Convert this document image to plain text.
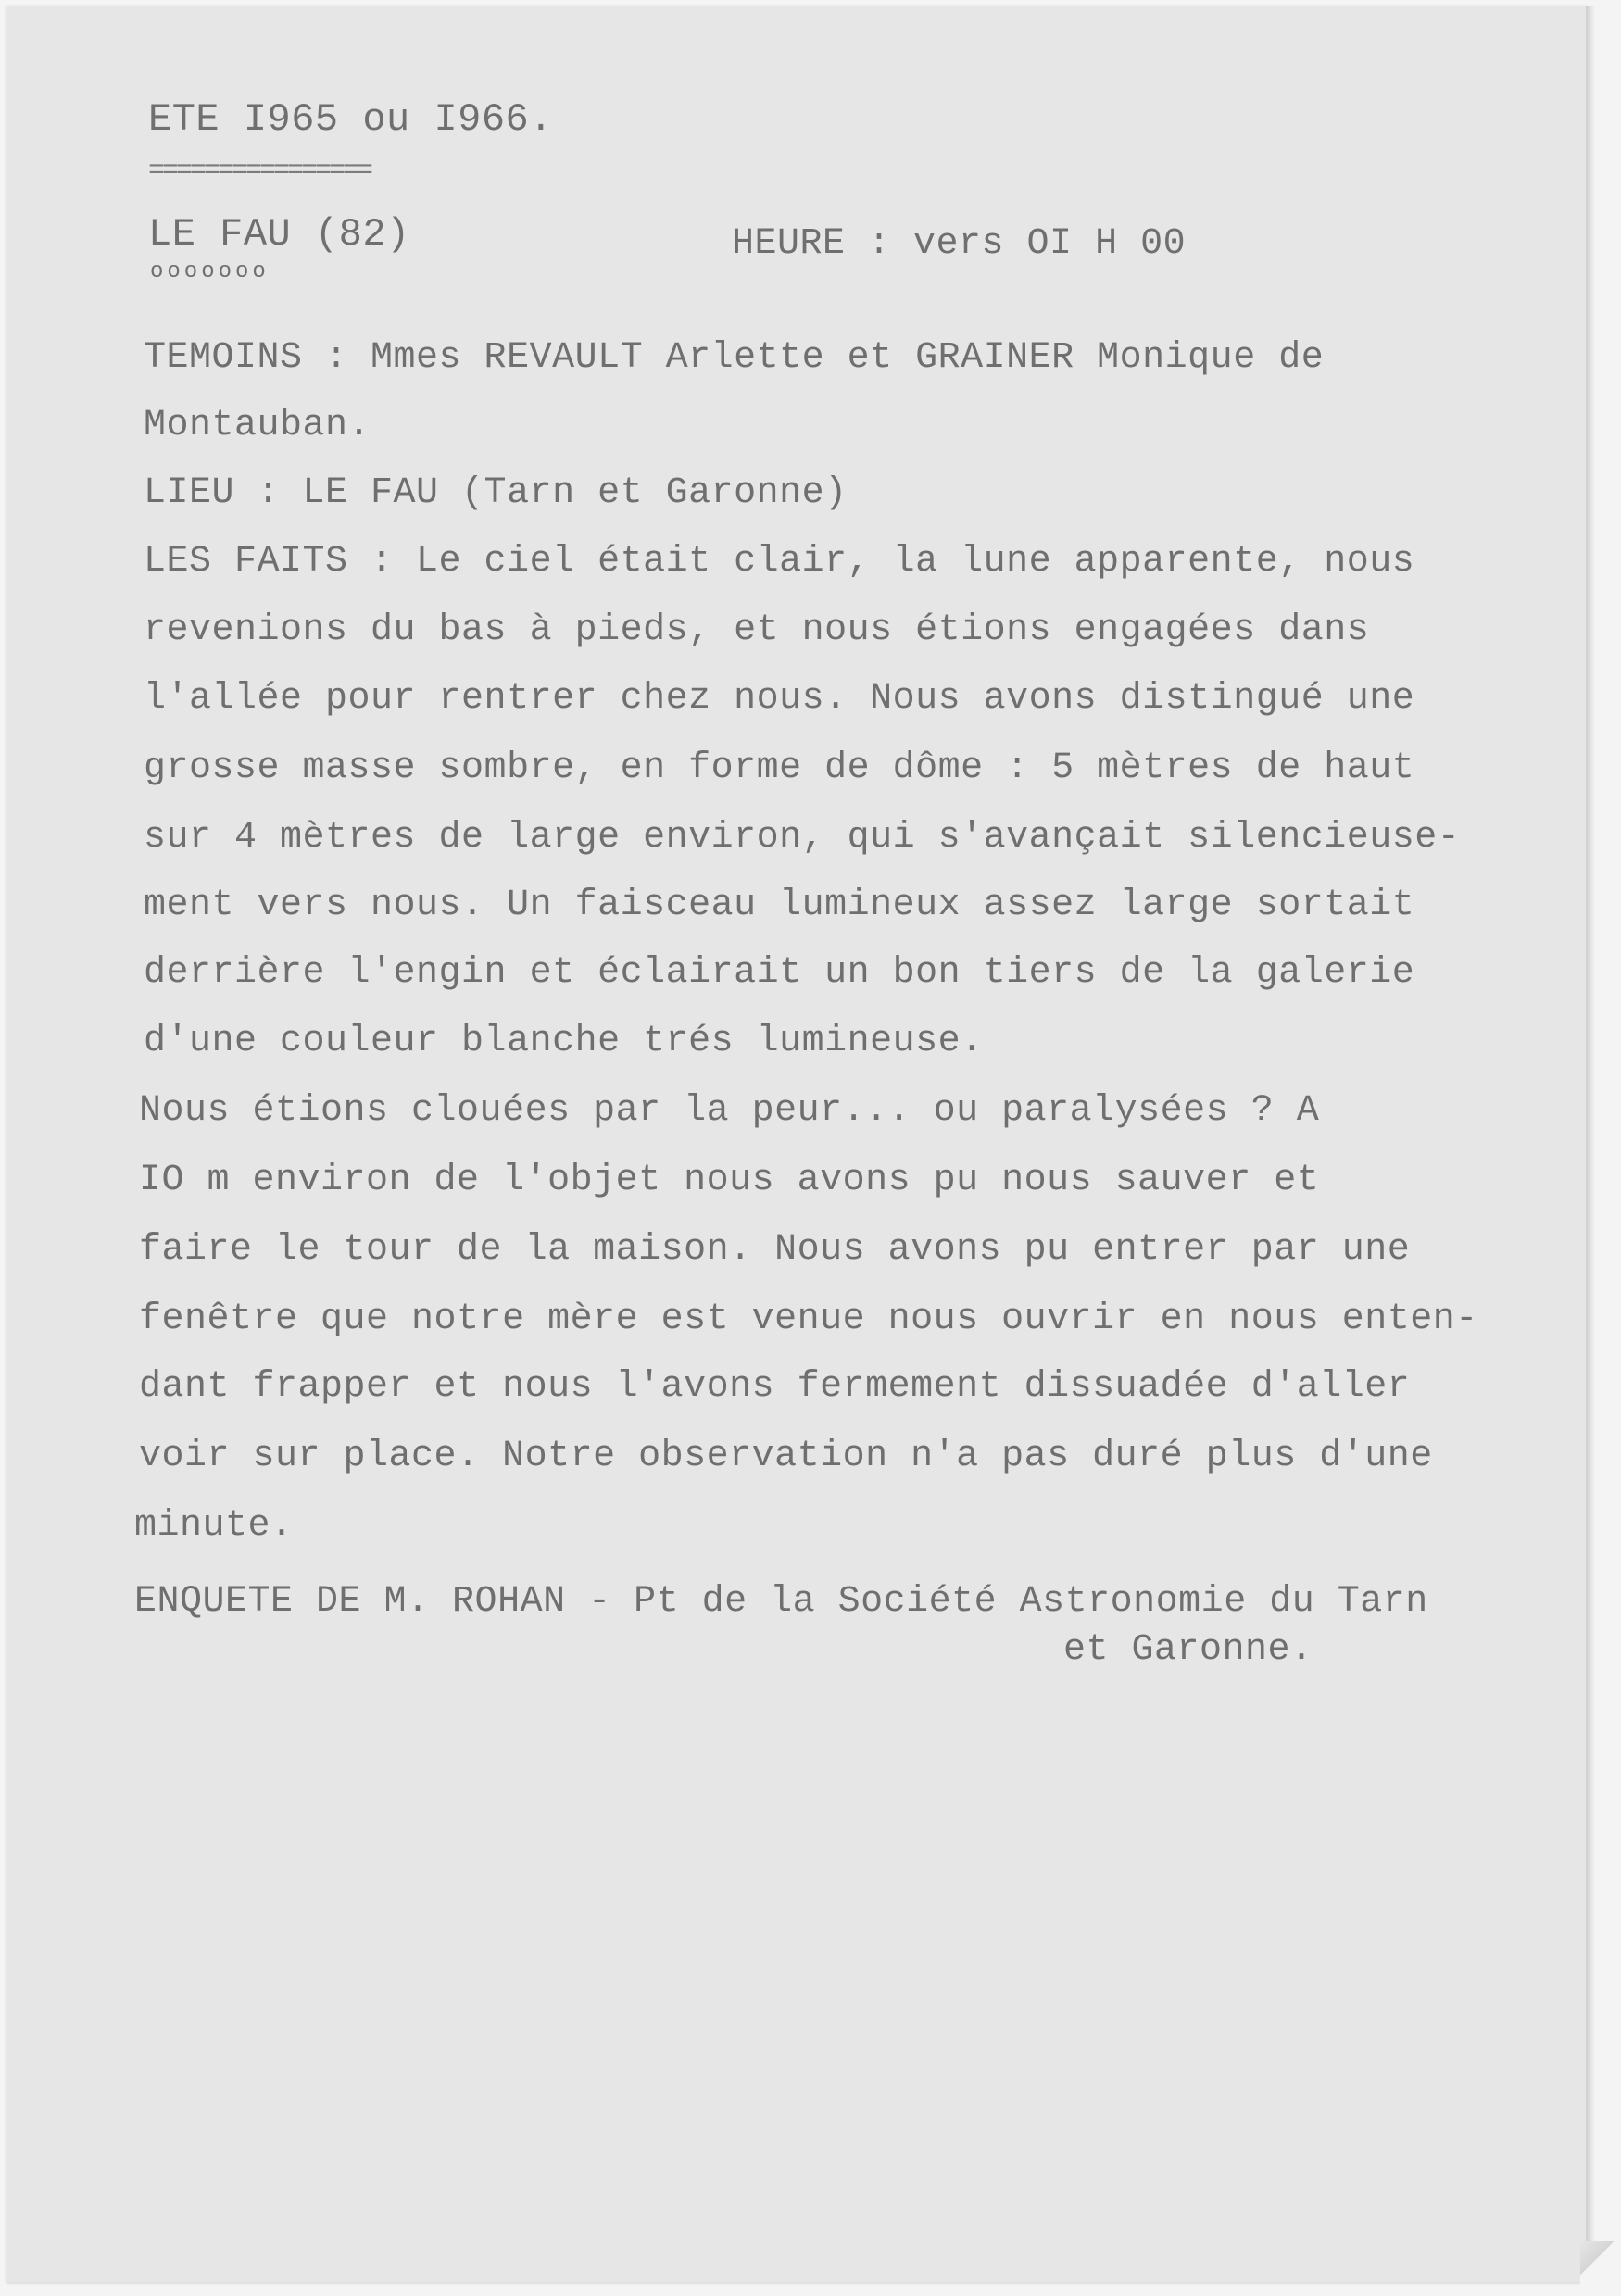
ETE I965 ou I966.
================
LE FAU (82)
ooooooo
HEURE : vers OI H 00
TEMOINS : Mmes REVAULT Arlette et GRAINER Monique de
Montauban.
LIEU : LE FAU (Tarn et Garonne)
LES FAITS : Le ciel était clair, la lune apparente, nous
revenions du bas à pieds, et nous étions engagées dans
l'allée pour rentrer chez nous. Nous avons distingué une
grosse masse sombre, en forme de dôme : 5 mètres de haut
sur 4 mètres de large environ, qui s'avançait silencieuse-
ment vers nous. Un faisceau lumineux assez large sortait
derrière l'engin et éclairait un bon tiers de la galerie
d'une couleur blanche trés lumineuse.
Nous étions clouées par la peur... ou paralysées ? A
IO m environ de l'objet nous avons pu nous sauver et
faire le tour de la maison. Nous avons pu entrer par une
fenêtre que notre mère est venue nous ouvrir en nous enten-
dant frapper et nous l'avons fermement dissuadée d'aller
voir sur place. Notre observation n'a pas duré plus d'une
minute.
ENQUETE DE M. ROHAN - Pt de la Société Astronomie du Tarn
et Garonne.
